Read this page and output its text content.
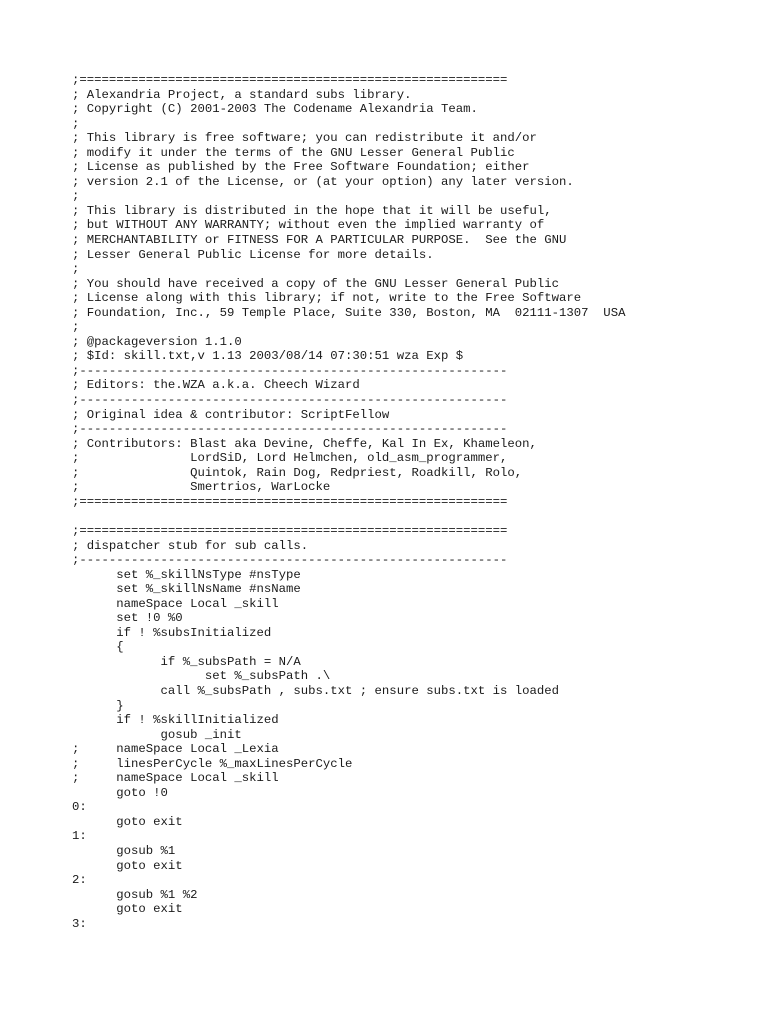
;==========================================================
; Alexandria Project, a standard subs library.
; Copyright (C) 2001-2003 The Codename Alexandria Team.
;
; This library is free software; you can redistribute it and/or
; modify it under the terms of the GNU Lesser General Public
; License as published by the Free Software Foundation; either
; version 2.1 of the License, or (at your option) any later version.
;
; This library is distributed in the hope that it will be useful,
; but WITHOUT ANY WARRANTY; without even the implied warranty of
; MERCHANTABILITY or FITNESS FOR A PARTICULAR PURPOSE.  See the GNU
; Lesser General Public License for more details.
;
; You should have received a copy of the GNU Lesser General Public
; License along with this library; if not, write to the Free Software
; Foundation, Inc., 59 Temple Place, Suite 330, Boston, MA  02111-1307  USA
;
; @packageversion 1.1.0
; $Id: skill.txt,v 1.13 2003/08/14 07:30:51 wza Exp $
;----------------------------------------------------------
; Editors: the.WZA a.k.a. Cheech Wizard
;----------------------------------------------------------
; Original idea & contributor: ScriptFellow
;----------------------------------------------------------
; Contributors: Blast aka Devine, Cheffe, Kal In Ex, Khameleon,
;               LordSiD, Lord Helmchen, old_asm_programmer,
;               Quintok, Rain Dog, Redpriest, Roadkill, Rolo,
;               Smertrios, WarLocke
;==========================================================
;==========================================================
; dispatcher stub for sub calls.
;----------------------------------------------------------
set %_skillNsType #nsType
set %_skillNsName #nsName
nameSpace Local _skill
set !0 %0
if ! %subsInitialized
{
if %_subsPath = N/A
set %_subsPath .\
call %_subsPath , subs.txt ; ensure subs.txt is loaded
}
if ! %skillInitialized
gosub _init
;     nameSpace Local _Lexia
;     linesPerCycle %_maxLinesPerCycle
;     nameSpace Local _skill
goto !0
0:
goto exit
1:
gosub %1
goto exit
2:
gosub %1 %2
goto exit
3:
